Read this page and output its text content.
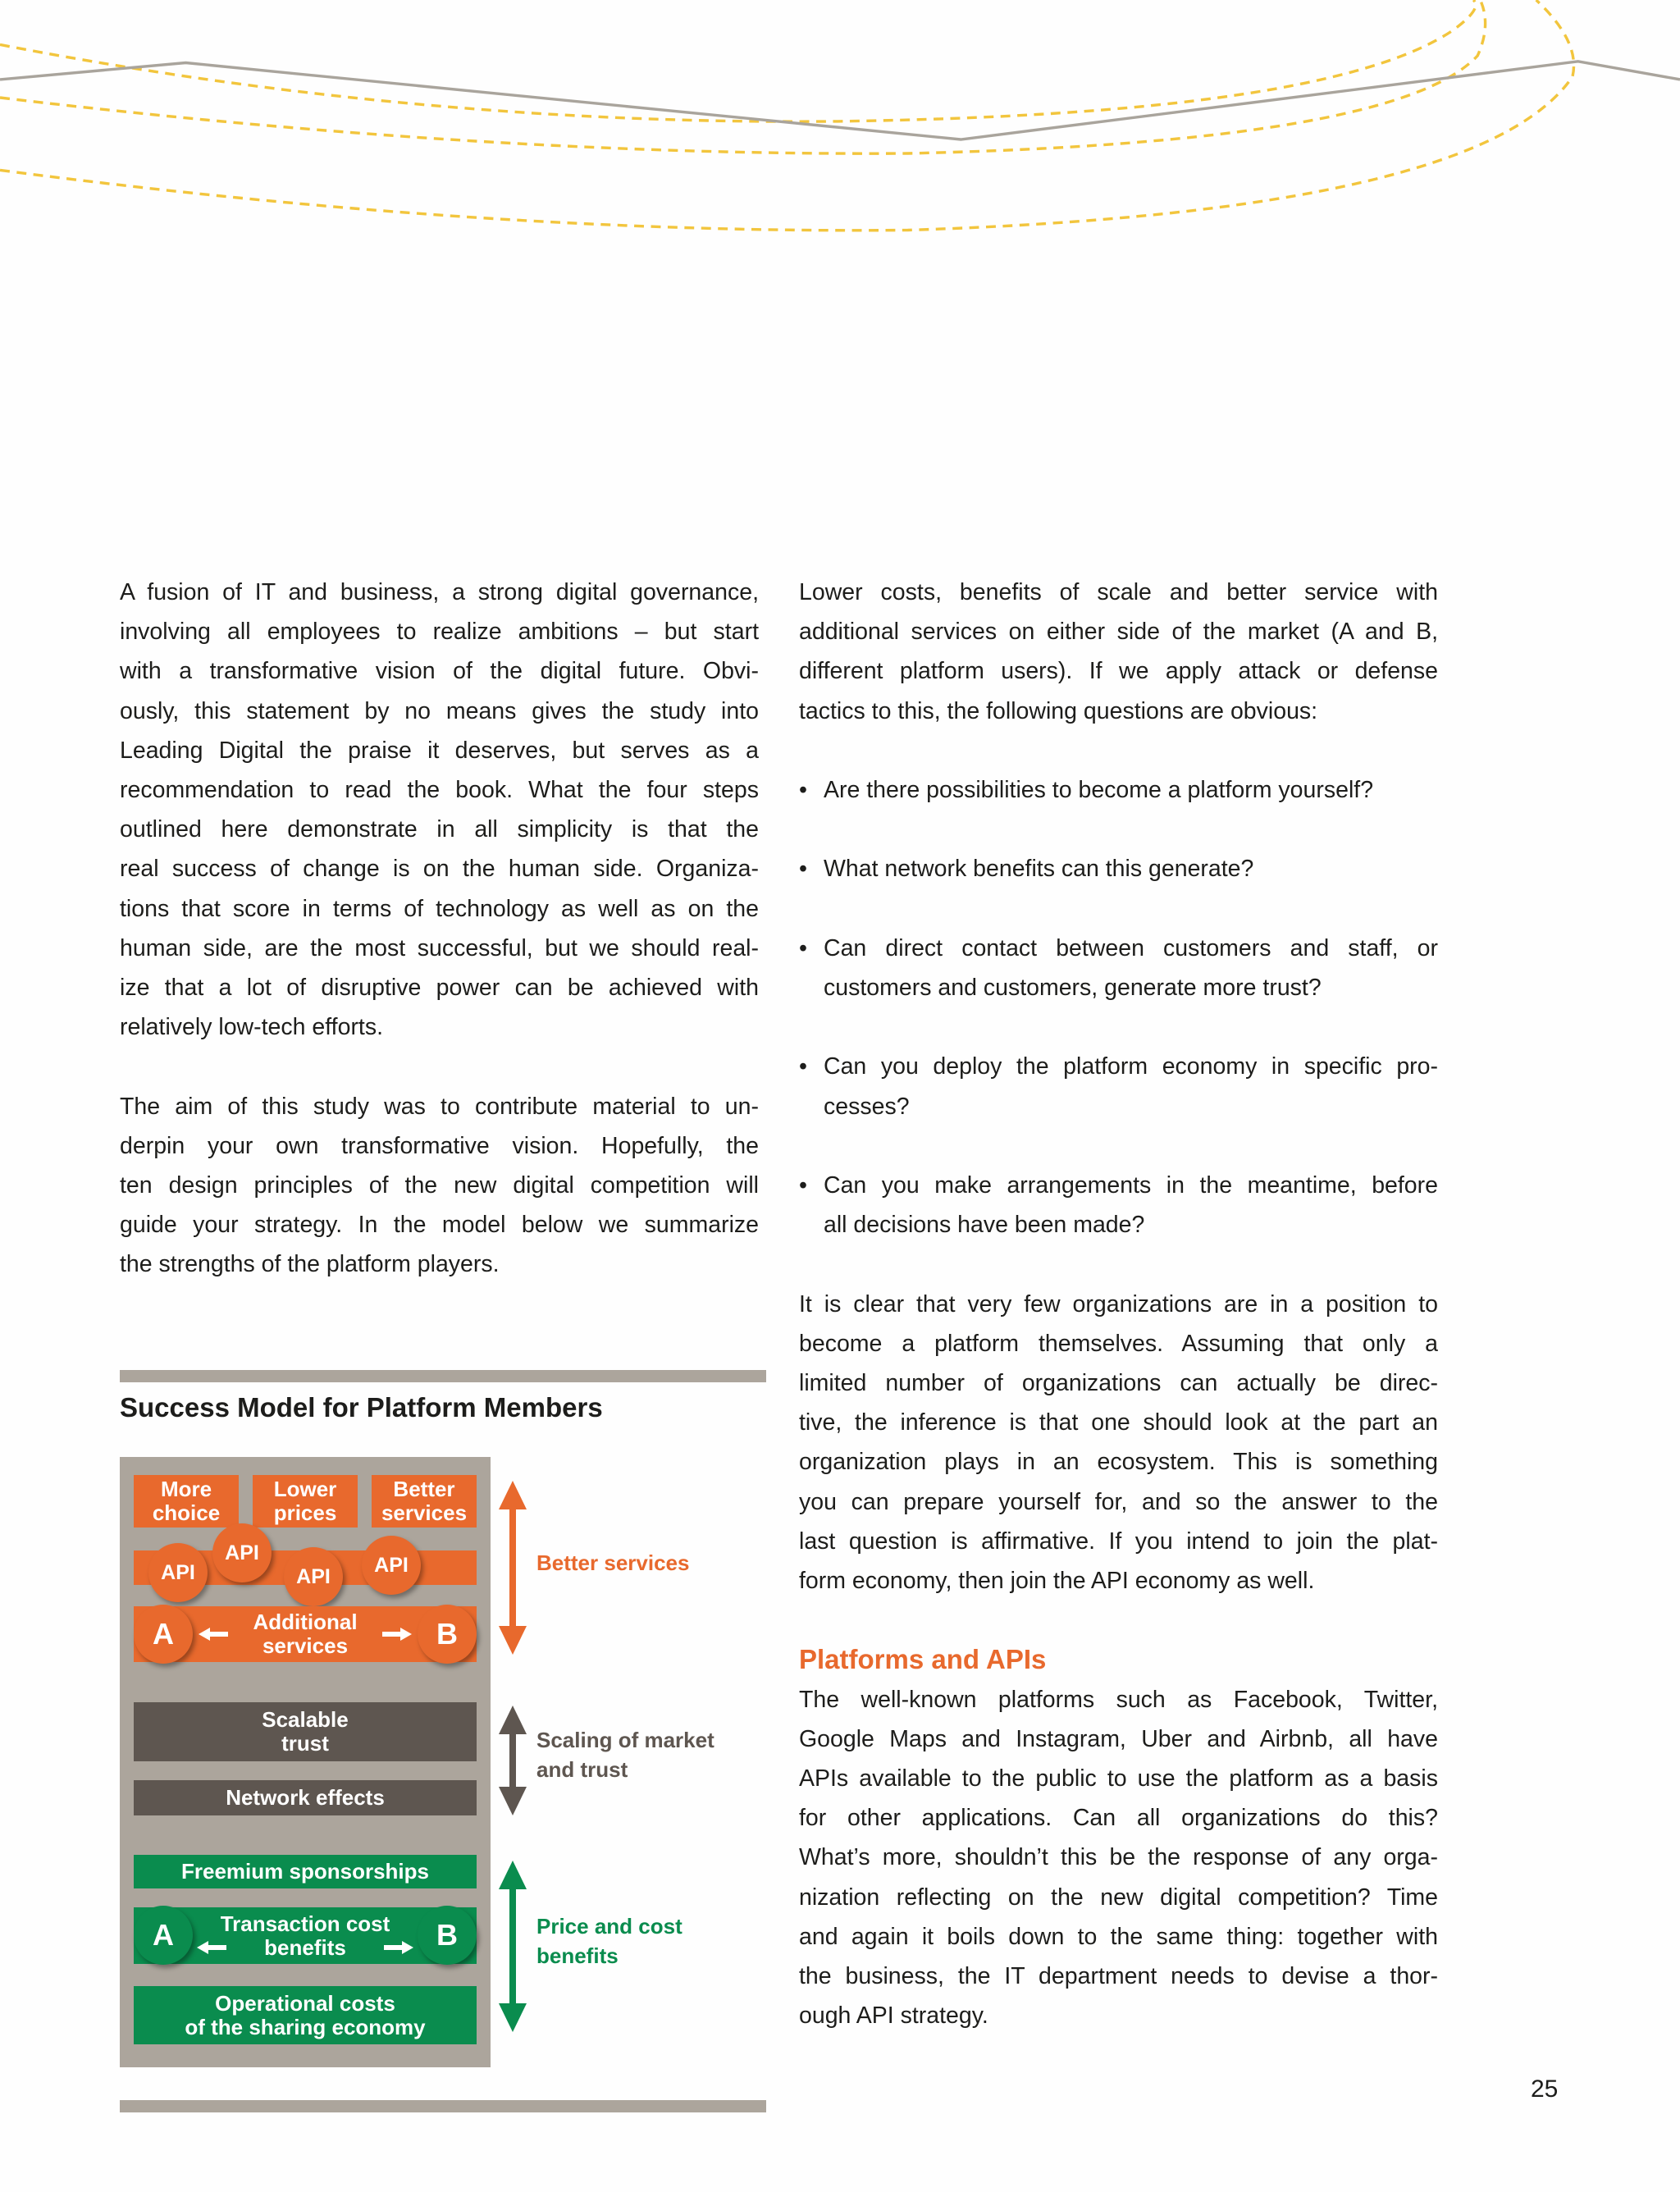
A fusion of IT and business, a strong digital governance,
involving all employees to realize ambitions – but start
with a transformative vision of the digital future. Obvi-
ously, this statement by no means gives the study into
Leading Digital the praise it deserves, but serves as a
recommendation to read the book. What the four steps
outlined here demonstrate in all simplicity is that the
real success of change is on the human side. Organiza-
tions that score in terms of technology as well as on the
human side, are the most successful, but we should real-
ize that a lot of disruptive power can be achieved with
relatively low-tech efforts.
The aim of this study was to contribute material to un-
derpin your own transformative vision. Hopefully, the
ten design principles of the new digital competition will
guide your strategy. In the model below we summarize
the strengths of the platform players.
Lower costs, benefits of scale and better service with
additional services on either side of the market (A and B,
different platform users). If we apply attack or defense
tactics to this, the following questions are obvious:
• Are there possibilities to become a platform yourself?
• What network benefits can this generate?
• Can direct contact between customers and staff, or
customers and customers, generate more trust?
• Can you deploy the platform economy in specific pro-
cesses?
• Can you make arrangements in the meantime, before
all decisions have been made?
It is clear that very few organizations are in a position to
become a platform themselves. Assuming that only a
limited number of organizations can actually be direc-
tive, the inference is that one should look at the part an
organization plays in an ecosystem. This is something
you can prepare yourself for, and so the answer to the
last question is affirmative. If you intend to join the plat-
form economy, then join the API economy as well.
Platforms and APIs
The well-known platforms such as Facebook, Twitter,
Google Maps and Instagram, Uber and Airbnb, all have
APIs available to the public to use the platform as a basis
for other applications. Can all organizations do this?
What’s more, shouldn’t this be the response of any orga-
nization reflecting on the new digital competition? Time
and again it boils down to the same thing: together with
the business, the IT department needs to devise a thor-
ough API strategy.
Success Model for Platform Members
More
choice
Lower
prices
Better
services
API
API
API	API
Additional
services
A	B
Scalable
trust
Network effects
Freemium sponsorships
Transaction cost
benefits
A	B
Operational costs
of the sharing economy
Better services
Scaling of market
and trust
Price and cost
benefits
25
